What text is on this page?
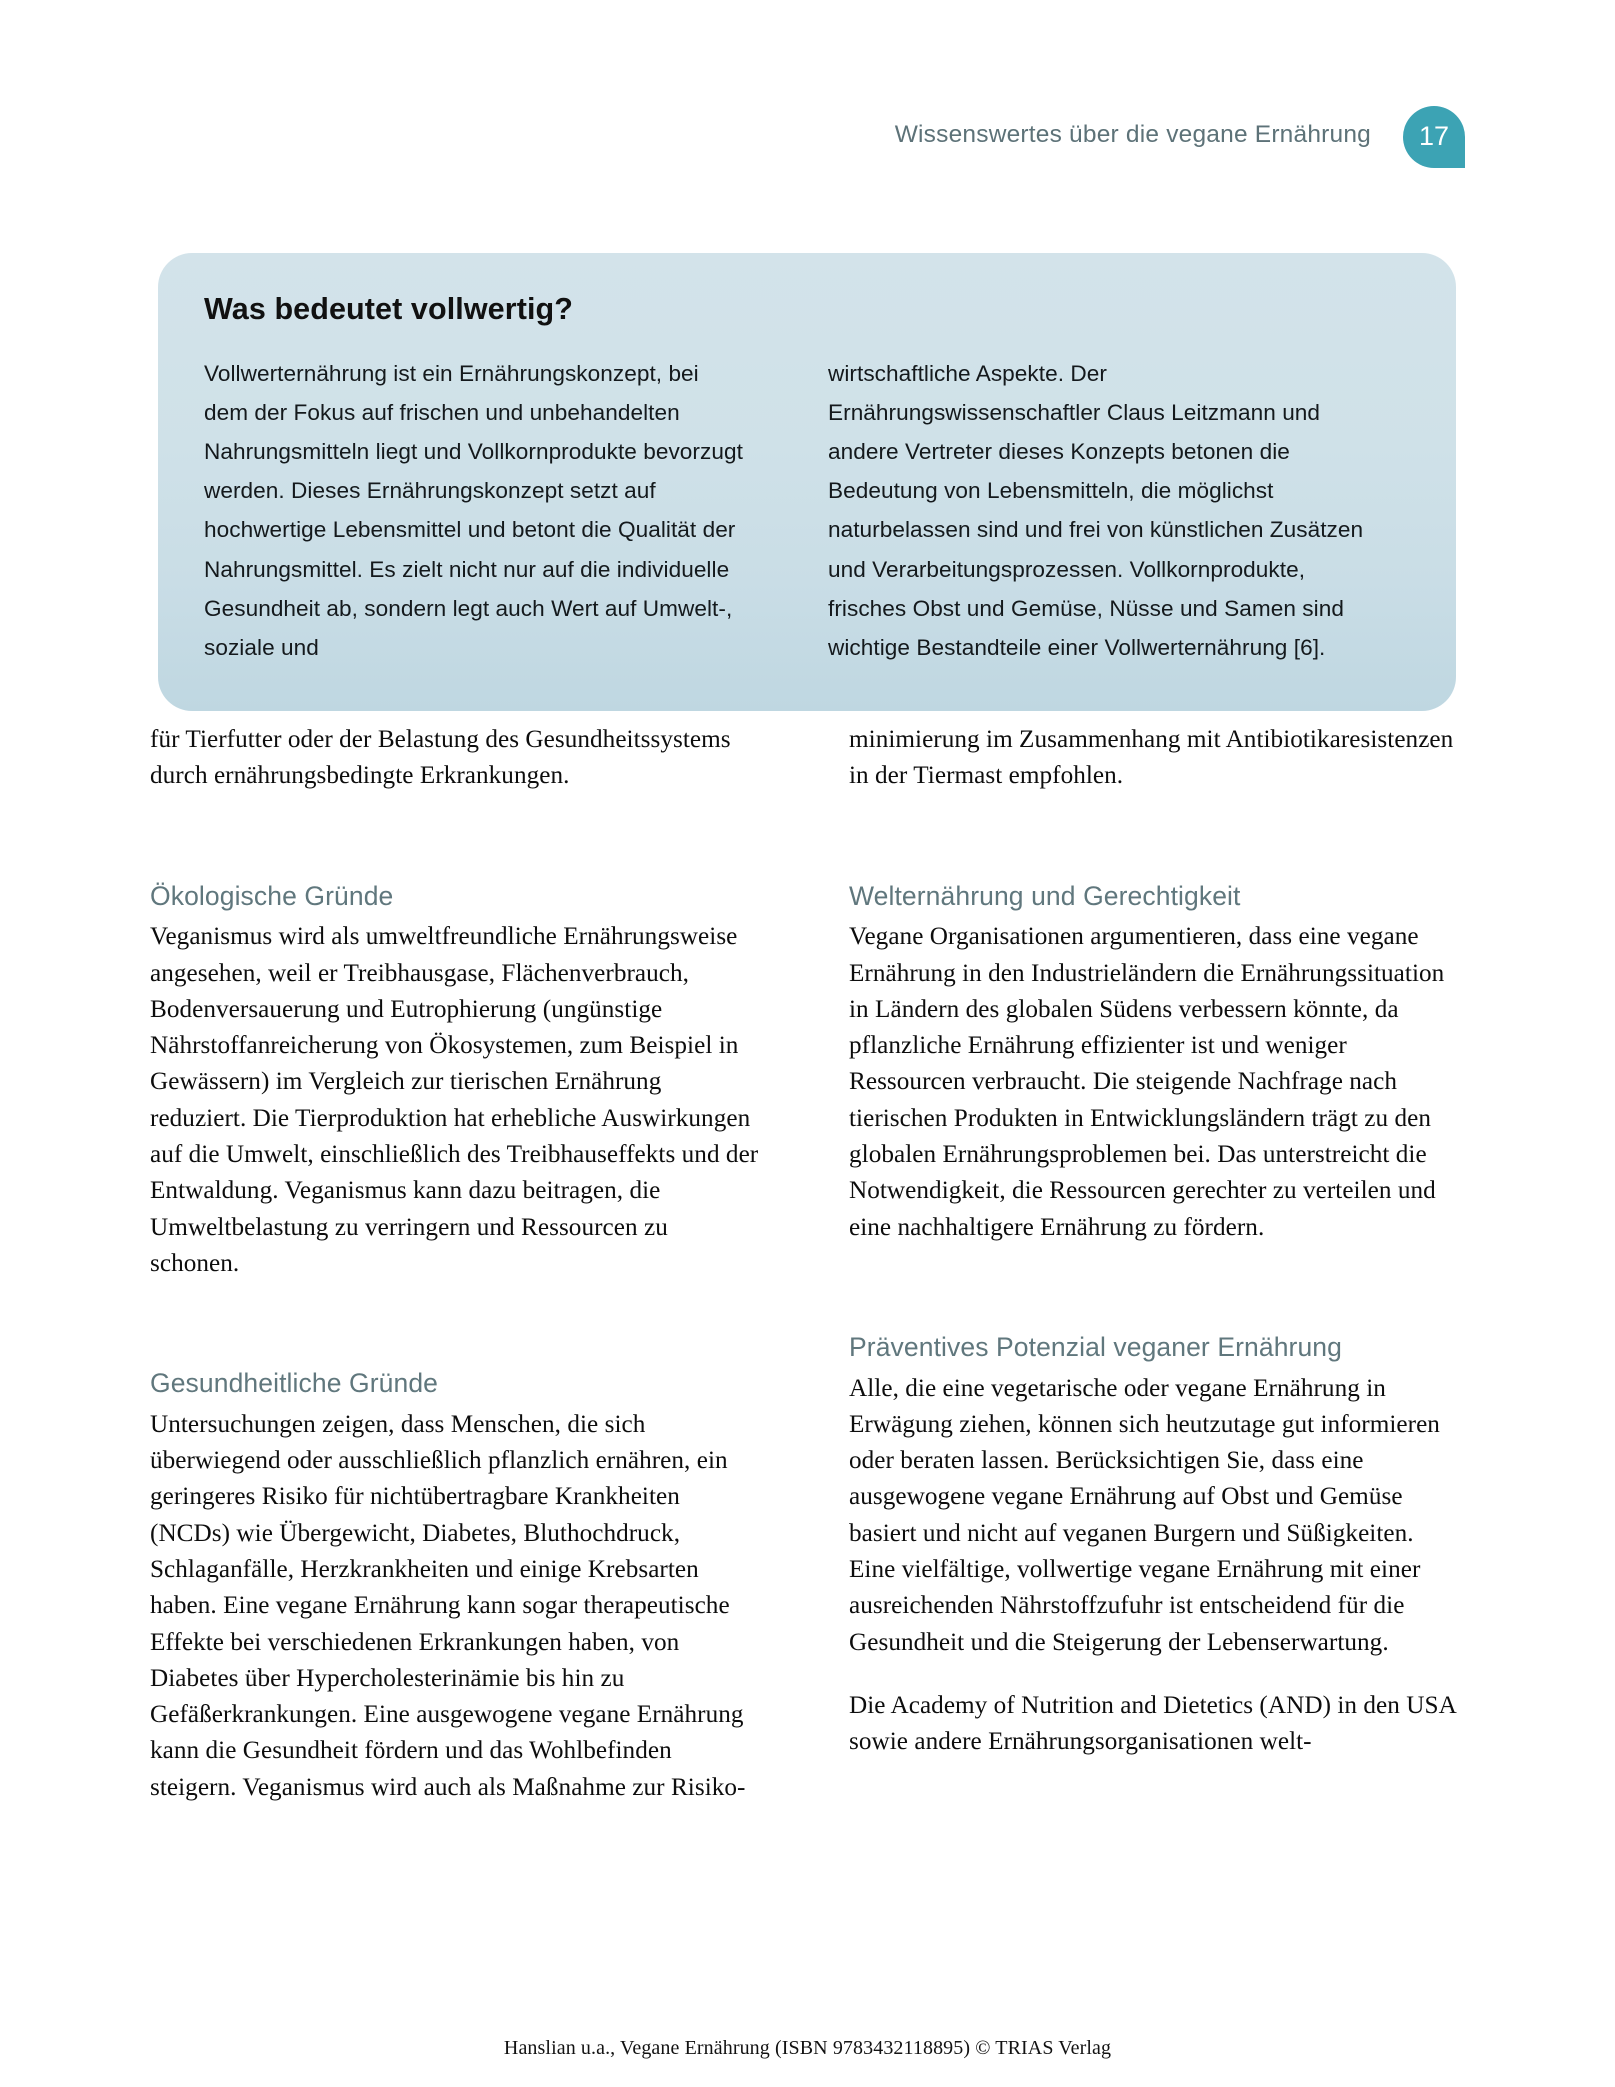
Wissenswertes über die vegane Ernährung	17
Was bedeutet vollwertig?

Vollwerternährung ist ein Ernährungskonzept, bei dem der Fokus auf frischen und unbehandelten Nahrungsmitteln liegt und Vollkornprodukte bevorzugt werden. Dieses Ernährungskonzept setzt auf hochwertige Lebensmittel und betont die Qualität der Nahrungsmittel. Es zielt nicht nur auf die individuelle Gesundheit ab, sondern legt auch Wert auf Umwelt-, soziale und

wirtschaftliche Aspekte. Der Ernährungswissenschaftler Claus Leitzmann und andere Vertreter dieses Konzepts betonen die Bedeutung von Lebensmitteln, die möglichst naturbelassen sind und frei von künstlichen Zusätzen und Verarbeitungsprozessen. Vollkornprodukte, frisches Obst und Gemüse, Nüsse und Samen sind wichtige Bestandteile einer Vollwerternährung [6].

für Tierfutter oder der Belastung des Gesundheitssystems durch ernährungsbedingte Erkrankungen.

Ökologische Gründe

Veganismus wird als umweltfreundliche Ernährungsweise angesehen, weil er Treibhausgase, Flächenverbrauch, Bodenversauerung und Eutrophierung (ungünstige Nährstoffanreicherung von Ökosystemen, zum Beispiel in Gewässern) im Vergleich zur tierischen Ernährung reduziert. Die Tierproduktion hat erhebliche Auswirkungen auf die Umwelt, einschließlich des Treibhauseffekts und der Entwaldung. Veganismus kann dazu beitragen, die Umweltbelastung zu verringern und Ressourcen zu schonen.

Gesundheitliche Gründe

Untersuchungen zeigen, dass Menschen, die sich überwiegend oder ausschließlich pflanzlich ernähren, ein geringeres Risiko für nichtübertragbare Krankheiten (NCDs) wie Übergewicht, Diabetes, Bluthochdruck, Schlaganfälle, Herzkrankheiten und einige Krebsarten haben. Eine vegane Ernährung kann sogar therapeutische Effekte bei verschiedenen Erkrankungen haben, von Diabetes über Hypercholesterinämie bis hin zu Gefäßerkrankungen. Eine ausgewogene vegane Ernährung kann die Gesundheit fördern und das Wohlbefinden steigern. Veganismus wird auch als Maßnahme zur Risiko-

minimierung im Zusammenhang mit Antibiotikaresistenzen in der Tiermast empfohlen.

Welternährung und Gerechtigkeit

Vegane Organisationen argumentieren, dass eine vegane Ernährung in den Industrieländern die Ernährungssituation in Ländern des globalen Südens verbessern könnte, da pflanzliche Ernährung effizienter ist und weniger Ressourcen verbraucht. Die steigende Nachfrage nach tierischen Produkten in Entwicklungsländern trägt zu den globalen Ernährungsproblemen bei. Das unterstreicht die Notwendigkeit, die Ressourcen gerechter zu verteilen und eine nachhaltigere Ernährung zu fördern.

Präventives Potenzial veganer Ernährung

Alle, die eine vegetarische oder vegane Ernährung in Erwägung ziehen, können sich heutzutage gut informieren oder beraten lassen. Berücksichtigen Sie, dass eine ausgewogene vegane Ernährung auf Obst und Gemüse basiert und nicht auf veganen Burgern und Süßigkeiten. Eine vielfältige, vollwertige vegane Ernährung mit einer ausreichenden Nährstoffzufuhr ist entscheidend für die Gesundheit und die Steigerung der Lebenserwartung.

Die Academy of Nutrition and Dietetics (AND) in den USA sowie andere Ernährungsorganisationen welt-

Hanslian u.a., Vegane Ernährung (ISBN 9783432118895) © TRIAS Verlag
